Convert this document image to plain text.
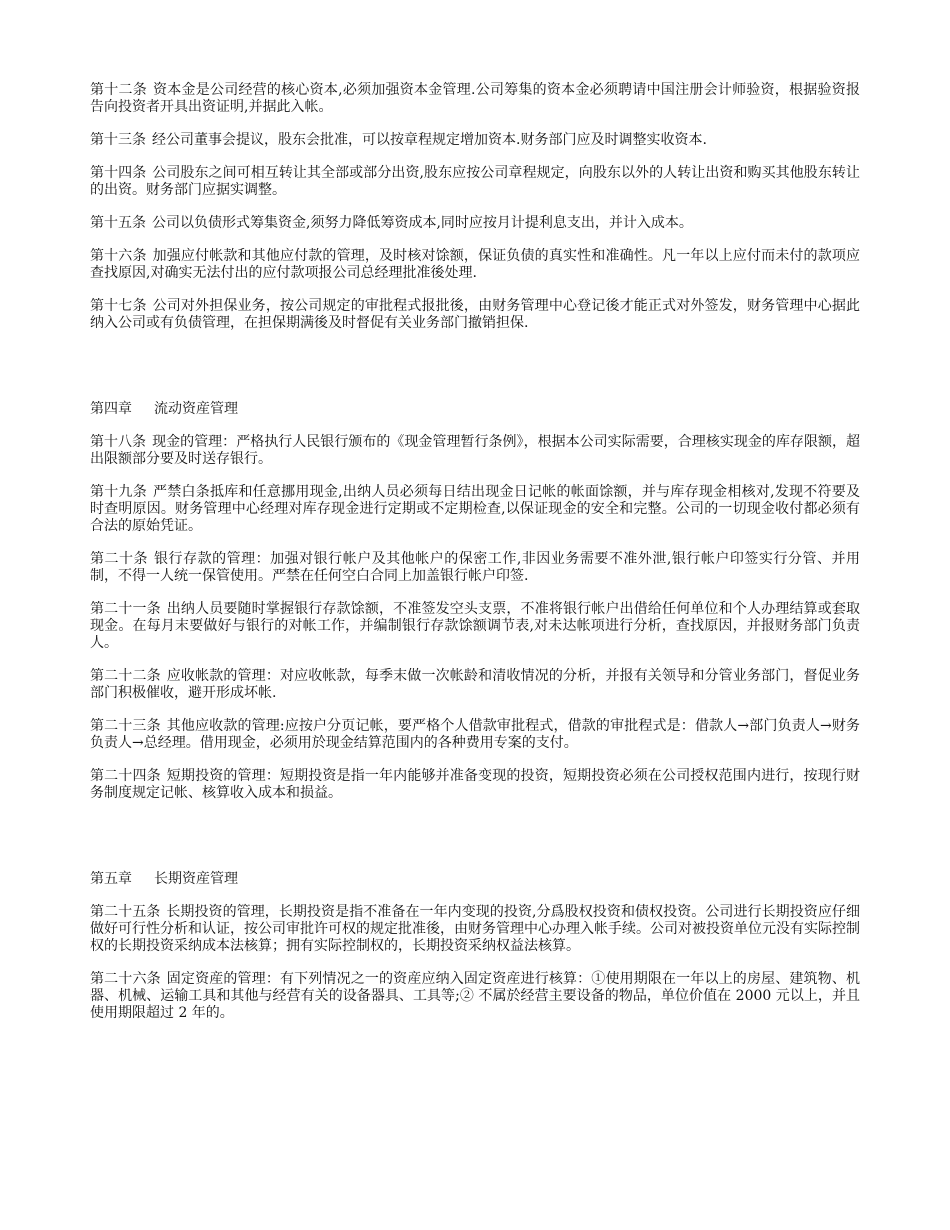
第十二条 资本金是公司经营的核心资本,必须加强资本金管理.公司筹集的资本金必须聘请中国注册会计师验资，根据验资报告向投资者开具出资证明,并据此入帐。

第十三条 经公司董事会提议，股东会批准，可以按章程规定增加资本.财务部门应及时调整实收资本.

第十四条 公司股东之间可相互转让其全部或部分出资,股东应按公司章程规定，向股东以外的人转让出资和购买其他股东转让的出资。财务部门应据实调整。

第十五条 公司以负债形式筹集资金,须努力降低筹资成本,同时应按月计提利息支出，并计入成本。

第十六条 加强应付帐款和其他应付款的管理，及时核对馀额，保证负债的真实性和准确性。凡一年以上应付而未付的款项应查找原因,对确实无法付出的应付款项报公司总经理批准後处理.

第十七条 公司对外担保业务，按公司规定的审批程式报批後，由财务管理中心登记後才能正式对外签发，财务管理中心据此纳入公司或有负债管理，在担保期满後及时督促有关业务部门撤销担保.

第四章 流动资産管理

第十八条 现金的管理：严格执行人民银行颁布的《现金管理暂行条例》，根据本公司实际需要，合理核实现金的库存限额，超出限额部分要及时送存银行。

第十九条 严禁白条抵库和任意挪用现金,出纳人员必须每日结出现金日记帐的帐面馀额，并与库存现金相核对,发现不符要及时查明原因。财务管理中心经理对库存现金进行定期或不定期检查,以保证现金的安全和完整。公司的一切现金收付都必须有合法的原始凭证。

第二十条 银行存款的管理：加强对银行帐户及其他帐户的保密工作,非因业务需要不准外泄,银行帐户印签实行分管、并用制，不得一人统一保管使用。严禁在任何空白合同上加盖银行帐户印签.

第二十一条 出纳人员要随时掌握银行存款馀额，不准签发空头支票，不准将银行帐户出借给任何单位和个人办理结算或套取现金。在每月末要做好与银行的对帐工作，并编制银行存款馀额调节表,对未达帐项进行分析，查找原因，并报财务部门负责人。

第二十二条 应收帐款的管理：对应收帐款，每季末做一次帐龄和清收情况的分析，并报有关领导和分管业务部门，督促业务部门积极催收，避开形成坏帐.

第二十三条 其他应收款的管理:应按户分页记帐，要严格个人借款审批程式，借款的审批程式是：借款人→部门负责人→财务负责人→总经理。借用现金，必须用於现金结算范围内的各种费用专案的支付。

第二十四条 短期投资的管理：短期投资是指一年内能够并准备变现的投资，短期投资必须在公司授权范围内进行，按现行财务制度规定记帐、核算收入成本和损益。

第五章 长期资産管理

第二十五条 长期投资的管理，长期投资是指不准备在一年内变现的投资,分爲股权投资和债权投资。公司进行长期投资应仔细做好可行性分析和认证，按公司审批许可权的规定批准後，由财务管理中心办理入帐手续。公司对被投资单位元没有实际控制权的长期投资采纳成本法核算；拥有实际控制权的，长期投资采纳权益法核算。

第二十六条 固定资産的管理：有下列情况之一的资産应纳入固定资産进行核算：①使用期限在一年以上的房屋、建筑物、机器、机械、运输工具和其他与经营有关的设备器具、工具等;② 不属於经营主要设备的物品，单位价值在 2000 元以上，并且使用期限超过 2 年的。
